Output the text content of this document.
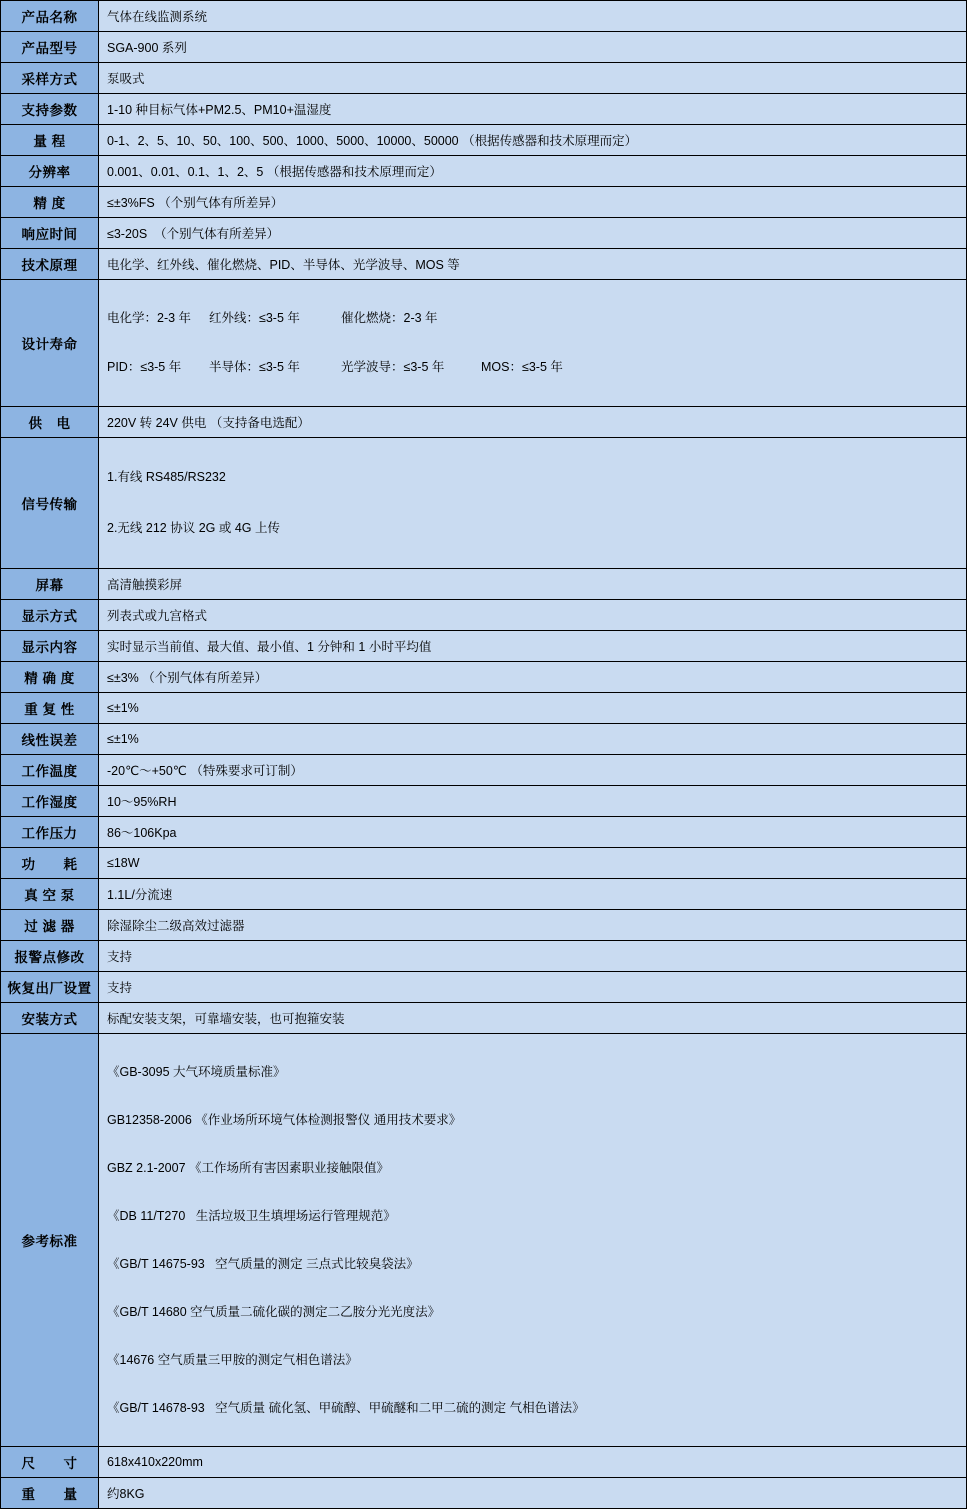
产品名称	气体在线监测系统
产品型号	SGA-900 系列
采样方式	泵吸式
支持参数	1-10 种目标气体+PM2.5、PM10+温湿度
量 程	0-1、2、5、10、50、100、500、1000、5000、10000、50000 （根据传感器和技术原理而定）
分辨率	0.001、0.01、0.1、1、2、5 （根据传感器和技术原理而定）
精 度	≤±3%FS （个别气体有所差异）
响应时间	≤3-20S  （个别气体有所差异）
技术原理	电化学、红外线、催化燃烧、PID、半导体、光学波导、MOS 等
设计寿命	

电化学：2-3 年	红外线：≤3-5 年	催化燃烧：2-3 年

PID：≤3-5 年	半导体：≤3-5 年	光学波导：≤3-5 年	MOS：≤3-5 年

供　电	220V 转 24V 供电 （支持备电选配）
信号传输	1.有线 RS485/RS232

2.无线 212 协议 2G 或 4G 上传

屏幕	高清触摸彩屏
显示方式	列表式或九宫格式
显示内容	实时显示当前值、最大值、最小值、1 分钟和 1 小时平均值
精 确 度	≤±3% （个别气体有所差异）
重 复 性	≤±1%
线性误差	≤±1%
工作温度	-20℃～+50℃ （特殊要求可订制）
工作湿度	10～95%RH
工作压力	86～106Kpa
功　　耗	≤18W
真 空 泵	1.1L/分流速
过 滤 器	除湿除尘二级高效过滤器
报警点修改	支持
恢复出厂设置	支持
安装方式	标配安装支架，可靠墙安装，也可抱箍安装
参考标准	

《GB-3095 大气环境质量标准》

GB12358-2006 《作业场所环境气体检测报警仪 通用技术要求》

GBZ 2.1-2007 《工作场所有害因素职业接触限值》

《DB 11/T270   生活垃圾卫生填埋场运行管理规范》

《GB/T 14675-93   空气质量的测定 三点式比较臭袋法》

《GB/T 14680 空气质量二硫化碳的测定二乙胺分光光度法》

《14676 空气质量三甲胺的测定气相色谱法》

《GB/T 14678-93   空气质量 硫化氢、甲硫醇、甲硫醚和二甲二硫的测定 气相色谱法》

尺　　寸	618x410x220mm
重　　量	约8KG
